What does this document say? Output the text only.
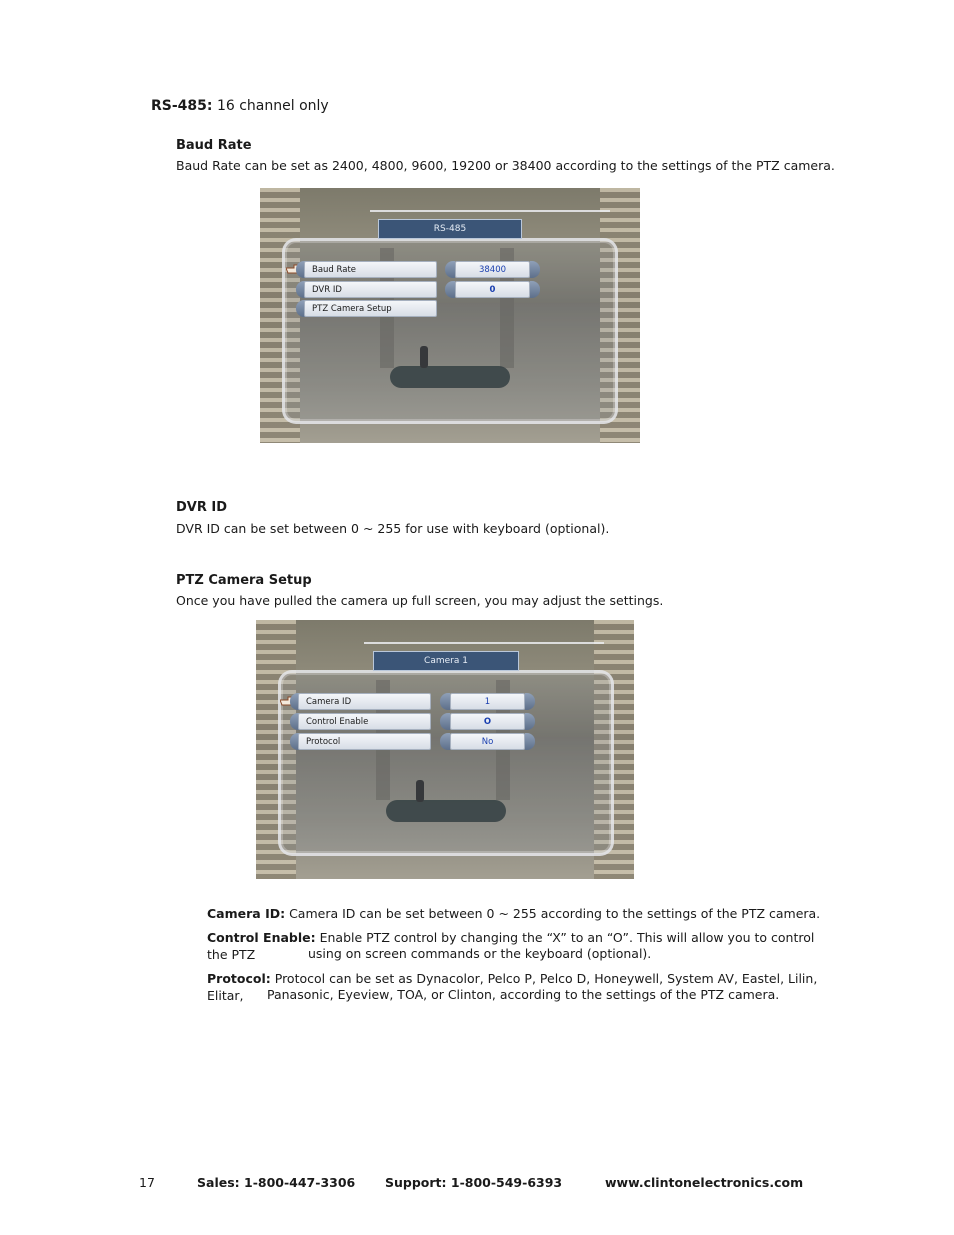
RS-485: 16 channel only
Baud Rate
Baud Rate can be set as 2400, 4800, 9600, 19200 or 38400 according to the settings of the PTZ camera.
RS-485
Baud Rate	38400
DVR ID	0
PTZ Camera Setup
DVR ID
DVR ID can be set between 0 ~ 255 for use with keyboard (optional).
PTZ Camera Setup
Once you have pulled the camera up full screen, you may adjust the settings.
Camera 1
Camera ID	1
Control Enable	O
Protocol	No
Camera ID: Camera ID can be set between 0 ~ 255 according to the settings of the PTZ camera.
Control Enable: Enable PTZ control by changing the “X” to an “O”. This will allow you to control the PTZ	using on screen commands or the keyboard (optional).
Protocol: Protocol can be set as Dynacolor, Pelco P, Pelco D, Honeywell, System AV, Eastel, Lilin, Elitar,	Panasonic, Eyeview, TOA, or Clinton, according to the settings of the PTZ camera.
17	Sales: 1-800-447-3306 Support: 1-800-549-6393	www.clintonelectronics.com
